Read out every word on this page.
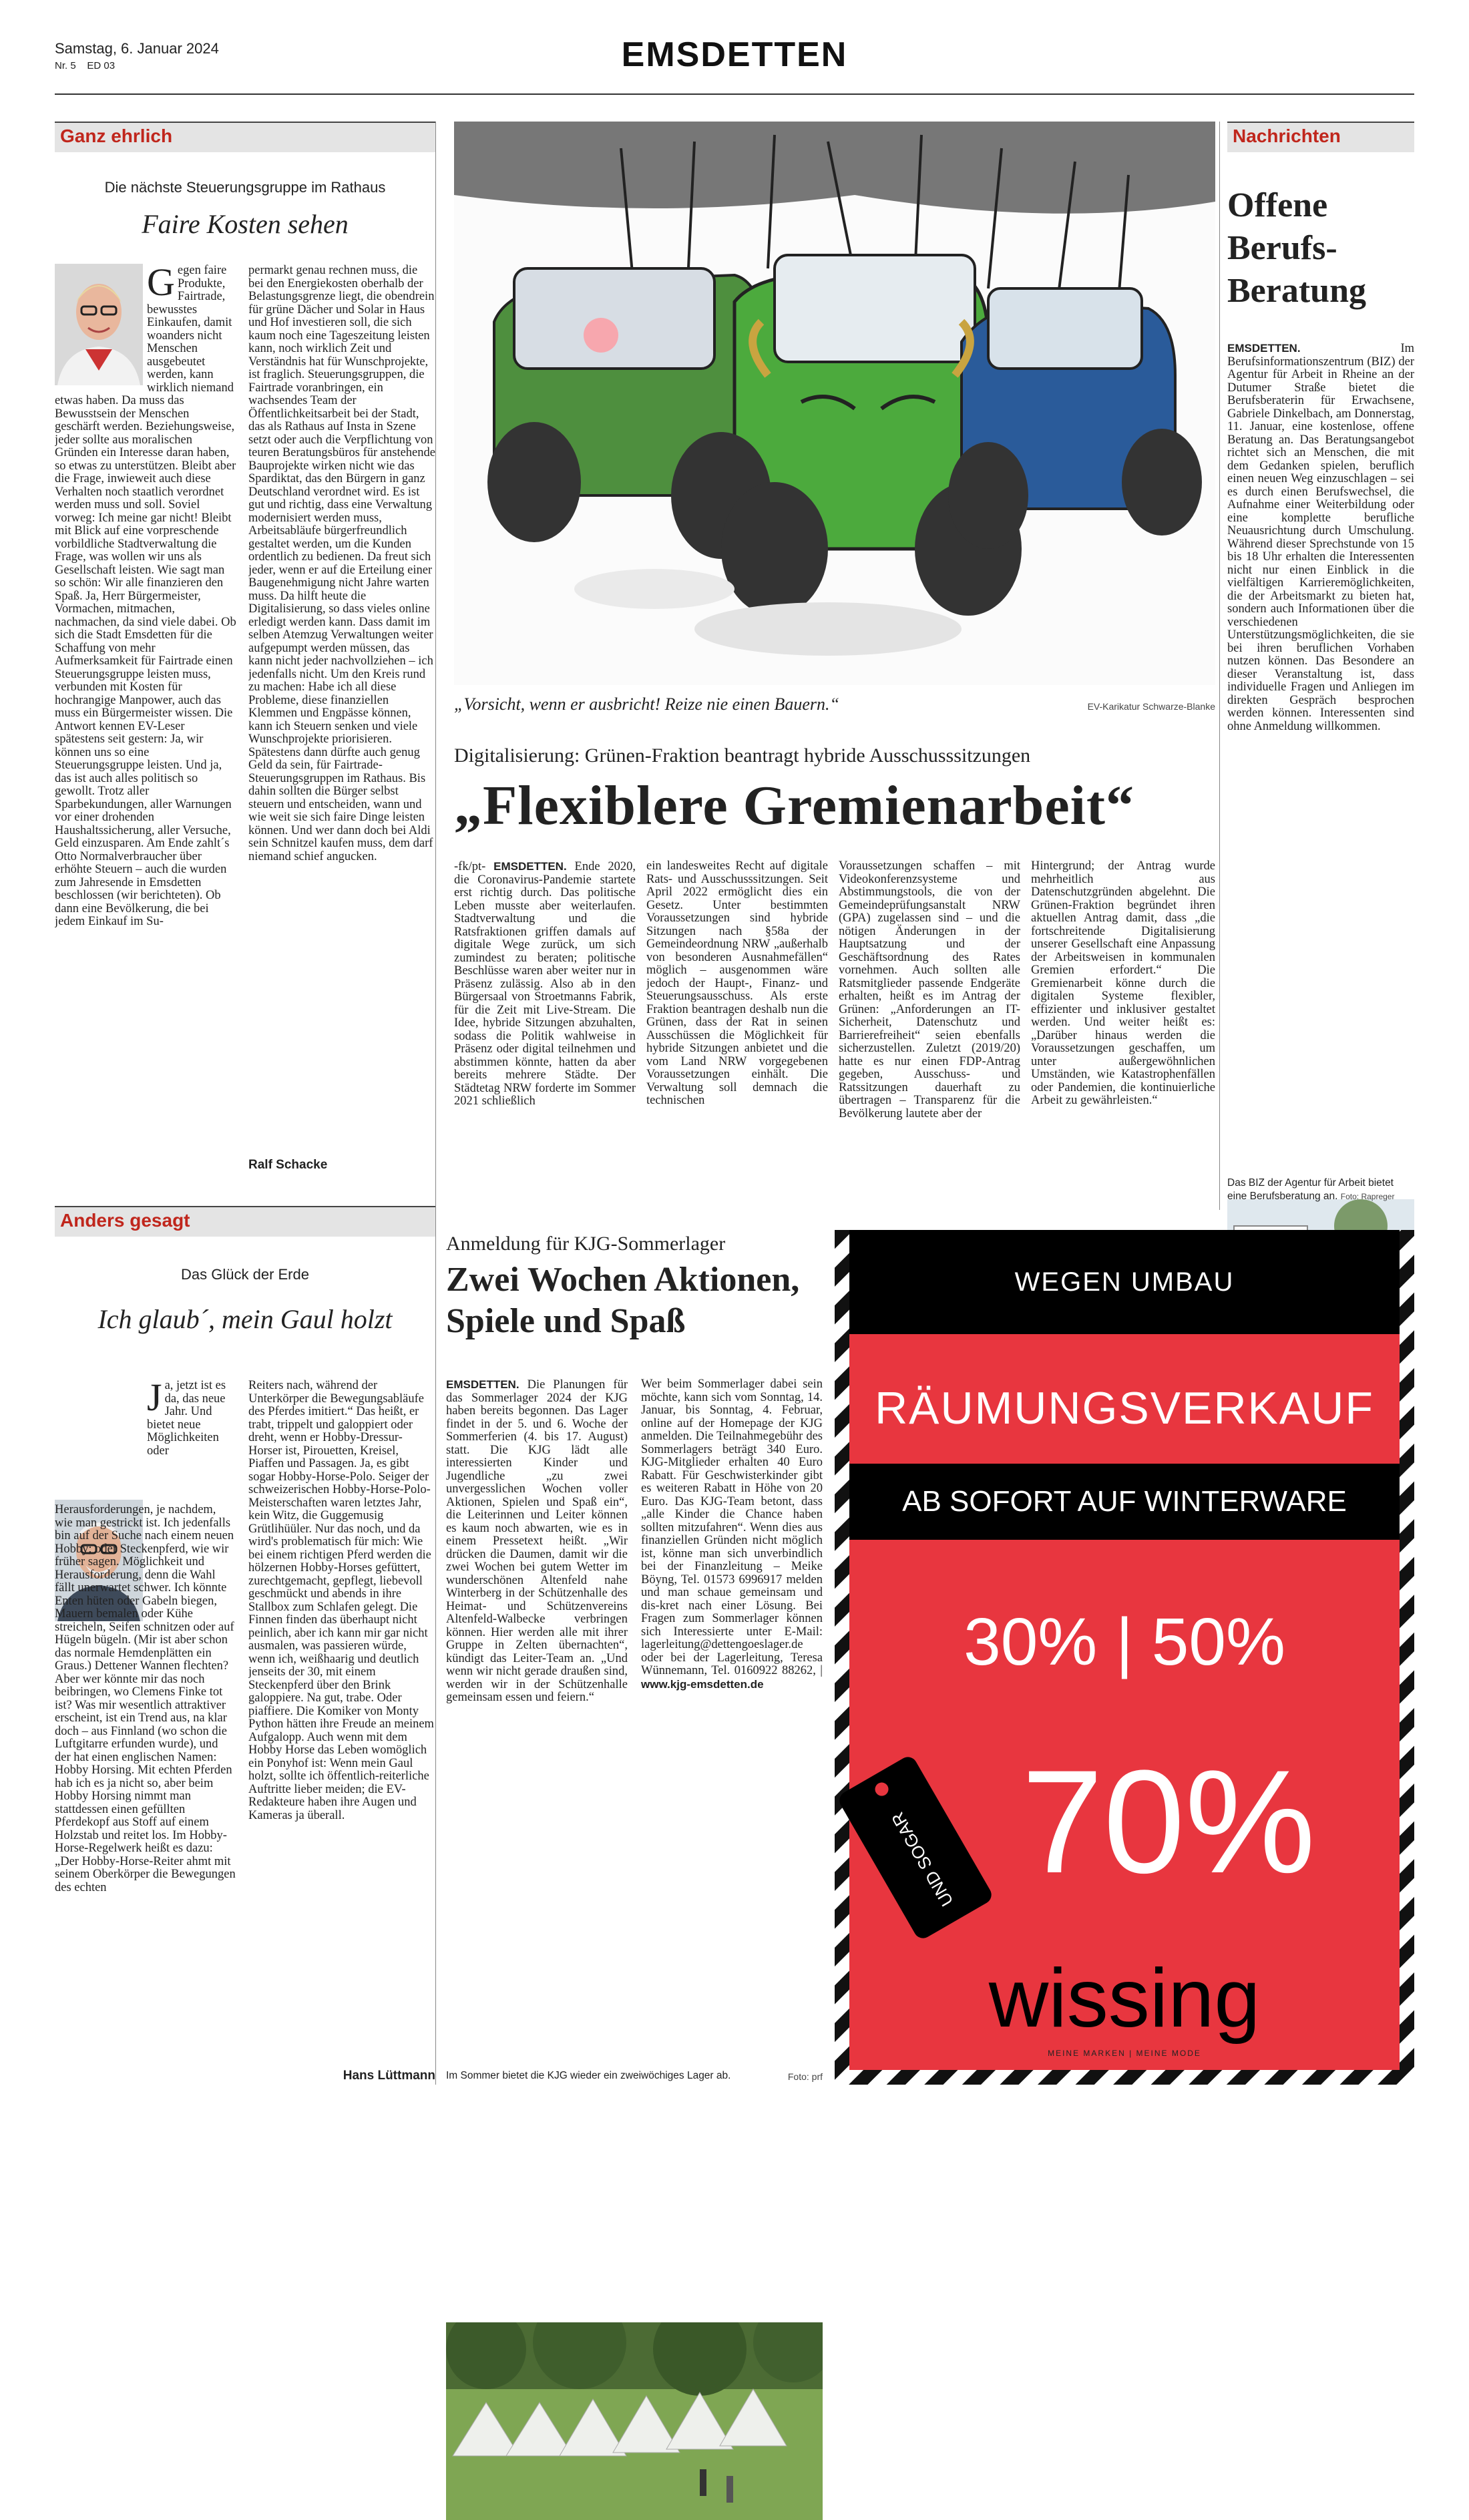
Samstag, 6. Januar 2024
Nr. 5 ED 03	EMSDETTEN
Ganz ehrlich
Die nächste Steuerungsgruppe im Rathaus
Faire Kosten sehen
Gegen faire Produkte, Fairtrade, bewusstes Einkaufen, damit woanders nicht Menschen ausgebeutet werden, kann wirklich niemand etwas haben. Da muss das Bewusstsein der Menschen geschärft werden. Beziehungsweise, jeder sollte aus moralischen Gründen ein Interesse daran haben, so etwas zu unterstützen. Bleibt aber die Frage, inwieweit auch diese Verhalten noch staatlich verordnet werden muss und soll. Soviel vorweg: Ich meine gar nicht! Bleibt mit Blick auf eine vorpreschende vorbildliche Stadtverwaltung die Frage, was wollen wir uns als Gesellschaft leisten. Wie sagt man so schön: Wir alle finanzieren den Spaß. Ja, Herr Bürgermeister, Vormachen, mitmachen, nachmachen, da sind viele dabei. Ob sich die Stadt Emsdetten für die Schaffung von mehr Aufmerksamkeit für Fairtrade einen Steuerungsgruppe leisten muss, verbunden mit Kosten für hochrangige Manpower, auch das muss ein Bürgermeister wissen. Die Antwort kennen EV-Leser spätestens seit gestern: Ja, wir können uns so eine Steuerungsgruppe leisten. Und ja, das ist auch alles politisch so gewollt. Trotz aller Sparbekundungen, aller Warnungen vor einer drohenden Haushaltssicherung, aller Versuche, Geld einzusparen. Am Ende zahlt´s Otto Normalverbraucher über erhöhte Steuern – auch die wurden zum Jahresende in Emsdetten beschlossen (wir berichteten). Ob dann eine Bevölkerung, die bei jedem Einkauf im Su-
permarkt genau rechnen muss, die bei den Energiekosten oberhalb der Belastungsgrenze liegt, die obendrein für grüne Dächer und Solar in Haus und Hof investieren soll, die sich kaum noch eine Tageszeitung leisten kann, noch wirklich Zeit und Verständnis hat für Wunschprojekte, ist fraglich. Steuerungsgruppen, die Fairtrade voranbringen, ein wachsendes Team der Öffentlichkeitsarbeit bei der Stadt, das als Rathaus auf Insta in Szene setzt oder auch die Verpflichtung von teuren Beratungsbüros für anstehende Bauprojekte wirken nicht wie das Spardiktat, das den Bürgern in ganz Deutschland verordnet wird. Es ist gut und richtig, dass eine Verwaltung modernisiert werden muss, Arbeitsabläufe bürgerfreundlich gestaltet werden, um die Kunden ordentlich zu bedienen. Da freut sich jeder, wenn er auf die Erteilung einer Baugenehmigung nicht Jahre warten muss. Da hilft heute die Digitalisierung, so dass vieles online erledigt werden kann. Dass damit im selben Atemzug Verwaltungen weiter aufgepumpt werden müssen, das kann nicht jeder nachvollziehen – ich jedenfalls nicht. Um den Kreis rund zu machen: Habe ich all diese Probleme, diese finanziellen Klemmen und Engpässe können, kann ich Steuern senken und viele Wunschprojekte priorisieren. Spätestens dann dürfte auch genug Geld da sein, für Fairtrade-Steuerungsgruppen im Rathaus. Bis dahin sollten die Bürger selbst steuern und entscheiden, wann und wie weit sie sich faire Dinge leisten können. Und wer dann doch bei Aldi sein Schnitzel kaufen muss, dem darf niemand schief angucken.
Ralf Schacke
Anders gesagt
Das Glück der Erde
Ich glaub´, mein Gaul holzt
Ja, jetzt ist es da, das neue Jahr. Und bietet neue Möglichkeiten oder Herausforderungen, je nachdem, wie man gestrickt ist. Ich jedenfalls bin auf der Suche nach einem neuen Hobby; oder Steckenpferd, wie wir früher sagen. Möglichkeit und Herausforderung, denn die Wahl fällt unerwartet schwer. Ich könnte Enten hüten oder Gabeln biegen, Mauern bemalen oder Kühe streicheln, Seifen schnitzen oder auf Hügeln bügeln. (Mir ist aber schon das normale Hemdenplätten ein Graus.) Dettener Wannen flechten? Aber wer könnte mir das noch beibringen, wo Clemens Finke tot ist? Was mir wesentlich attraktiver erscheint, ist ein Trend aus, na klar doch – aus Finnland (wo schon die Luftgitarre erfunden wurde), und der hat einen englischen Namen: Hobby Horsing. Mit echten Pferden hab ich es ja nicht so, aber beim Hobby Horsing nimmt man stattdessen einen gefüllten Pferdekopf aus Stoff auf einem Holzstab und reitet los. Im Hobby-Horse-Regelwerk heißt es dazu: „Der Hobby-Horse-Reiter ahmt mit seinem Oberkörper die Bewegungen des echten
Reiters nach, während der Unterkörper die Bewegungsabläufe des Pferdes imitiert.“ Das heißt, er trabt, trippelt und galoppiert oder dreht, wenn er Hobby-Dressur-Horser ist, Pirouetten, Kreisel, Piaffen und Passagen. Ja, es gibt sogar Hobby-Horse-Polo. Seiger der schweizerischen Hobby-Horse-Polo-Meisterschaften waren letztes Jahr, kein Witz, die Guggemusig Grütlihüüler. Nur das noch, und da wird's problematisch für mich: Wie bei einem richtigen Pferd werden die hölzernen Hobby-Horses gefüttert, zurechtgemacht, gepflegt, liebevoll geschmückt und abends in ihre Stallbox zum Schlafen gelegt. Die Finnen finden das überhaupt nicht peinlich, aber ich kann mir gar nicht ausmalen, was passieren würde, wenn ich, weißhaarig und deutlich jenseits der 30, mit einem Steckenpferd über den Brink galoppiere. Na gut, trabe. Oder piaffiere. Die Komiker von Monty Python hätten ihre Freude an meinem Aufgalopp. Auch wenn mit dem Hobby Horse das Leben womöglich ein Ponyhof ist: Wenn mein Gaul holzt, sollte ich öffentlich-reiterliche Auftritte lieber meiden; die EV-Redakteure haben ihre Augen und Kameras ja überall.
Hans Lüttmann
„Vorsicht, wenn er ausbricht! Reize nie einen Bauern.“	EV-Karikatur Schwarze-Blanke
Digitalisierung: Grünen-Fraktion beantragt hybride Ausschusssitzungen
„Flexiblere Gremienarbeit“
-fk/pt- EMSDETTEN. Ende 2020, die Coronavirus-Pandemie startete erst richtig durch. Das politische Leben musste aber weiterlaufen. Stadtverwaltung und die Ratsfraktionen griffen damals auf digitale Wege zurück, um sich zumindest zu beraten; politische Beschlüsse waren aber weiter nur in Präsenz zulässig. Also ab in den Bürgersaal von Stroetmanns Fabrik, für die Zeit mit Live-Stream. Die Idee, hybride Sitzungen abzuhalten, sodass die Politik wahlweise in Präsenz oder digital teilnehmen und abstimmen könnte, hatten da aber bereits mehrere Städte. Der Städtetag NRW forderte im Sommer 2021 schließlich
ein landesweites Recht auf digitale Rats- und Ausschusssitzungen. Seit April 2022 ermöglicht dies ein Gesetz. Unter bestimmten Voraussetzungen sind hybride Sitzungen nach §58a der Gemeindeordnung NRW „außerhalb von besonderen Ausnahmefällen“ möglich – ausgenommen wäre jedoch der Haupt-, Finanz- und Steuerungsausschuss. Als erste Fraktion beantragen deshalb nun die Grünen, dass der Rat in seinen Ausschüssen die Möglichkeit für hybride Sitzungen anbietet und die vom Land NRW vorgegebenen Voraussetzungen einhält. Die Verwaltung soll demnach die technischen
Voraussetzungen schaffen – mit Videokonferenzsysteme und Abstimmungstools, die von der Gemeindeprüfungsanstalt NRW (GPA) zugelassen sind – und die nötigen Änderungen in der Hauptsatzung und der Geschäftsordnung des Rates vornehmen. Auch sollten alle Ratsmitglieder passende Endgeräte erhalten, heißt es im Antrag der Grünen: „Anforderungen an IT-Sicherheit, Datenschutz und Barrierefreiheit“ seien ebenfalls sicherzustellen. Zuletzt (2019/20) hatte es nur einen FDP-Antrag gegeben, Ausschuss- und Ratssitzungen dauerhaft zu übertragen – Transparenz für die Bevölkerung lautete aber der
Hintergrund; der Antrag wurde mehrheitlich aus Datenschutzgründen abgelehnt. Die Grünen-Fraktion begründet ihren aktuellen Antrag damit, dass „die fortschreitende Digitalisierung unserer Gesellschaft eine Anpassung der Arbeitsweisen in kommunalen Gremien erfordert.“ Die Gremienarbeit könne durch die digitalen Systeme flexibler, effizienter und inklusiver gestaltet werden. Und weiter heißt es: „Darüber hinaus werden die Voraussetzungen geschaffen, um unter außergewöhnlichen Umständen, wie Katastrophenfällen oder Pandemien, die kontinuierliche Arbeit zu gewährleisten.“
Nachrichten
Offene Berufs-Beratung
EMSDETTEN.	Im Berufsinformationszentrum (BIZ) der Agentur für Arbeit in Rheine an der Dutumer Straße bietet die Berufsberaterin für Erwachsene, Gabriele Dinkelbach, am Donnerstag, 11. Januar, eine kostenlose, offene Beratung an. Das Beratungsangebot richtet sich an Menschen, die mit dem Gedanken spielen, beruflich einen neuen Weg einzuschlagen – sei es durch einen Berufswechsel, die Aufnahme einer Weiterbildung oder eine komplette berufliche Neuausrichtung durch Umschulung. Während dieser Sprechstunde von 15 bis 18 Uhr erhalten die Interessenten nicht nur einen Einblick in die vielfältigen Karrieremöglichkeiten, die der Arbeitsmarkt zu bieten hat, sondern auch Informationen über die verschiedenen Unterstützungsmöglichkeiten, die sie bei ihren beruflichen Vorhaben nutzen können. Das Besondere an dieser Veranstaltung ist, dass individuelle Fragen und Anliegen im direkten Gespräch besprochen werden können. Interessenten sind ohne Anmeldung willkommen.
Das BIZ der Agentur für Arbeit bietet eine Berufsberatung an. Foto: Rapreger
Anmeldung für KJG-Sommerlager
Zwei Wochen Aktionen, Spiele und Spaß
EMSDETTEN. Die Planungen für das Sommerlager 2024 der KJG haben bereits begonnen. Das Lager findet in der 5. und 6. Woche der Sommerferien (4. bis 17. August) statt. Die KJG lädt alle interessierten Kinder und Jugendliche „zu zwei unvergesslichen Wochen voller Aktionen, Spielen und Spaß ein“, die Leiterinnen und Leiter können es kaum noch abwarten, wie es in einem Pressetext heißt. „Wir drücken die Daumen, damit wir die zwei Wochen bei gutem Wetter im wunderschönen Altenfeld nahe Winterberg in der Schützenhalle des Heimat- und Schützenvereins Altenfeld-Walbecke verbringen können. Hier werden alle mit ihrer Gruppe in Zelten übernachten“, kündigt das Leiter-Team an. „Und wenn wir nicht gerade draußen sind, werden wir in der Schützenhalle gemeinsam essen und feiern.“
Wer beim Sommerlager dabei sein möchte, kann sich vom Sonntag, 14. Januar, bis Sonntag, 4. Februar, online auf der Homepage der KJG anmelden. Die Teilnahmegebühr des Sommerlagers beträgt 340 Euro. KJG-Mitglieder erhalten 40 Euro Rabatt. Für Geschwisterkinder gibt es weiteren Rabatt in Höhe von 20 Euro. Das KJG-Team betont, dass „alle Kinder die Chance haben sollten mitzufahren“. Wenn dies aus finanziellen Gründen nicht möglich ist, könne man sich unverbindlich bei der Finanzleitung – Meike Böyng, Tel. 01573 6996917 melden und man schaue gemeinsam und dis-kret nach einer Lösung. Bei Fragen zum Sommerlager können sich Interessierte unter E-Mail: lagerleitung@dettengoeslager.de oder bei der Lagerleitung, Teresa Wünnemann, Tel. 0160922 88262, | www.kjg-emsdetten.de
Im Sommer bietet die KJG wieder ein zweiwöchiges Lager ab.	Foto: prf
WEGEN UMBAU
RÄUMUNGSVERKAUF
AB SOFORT AUF WINTERWARE
30% | 50%
UND SOGAR 70%
wissing
MEINE MARKEN | MEINE MODE
